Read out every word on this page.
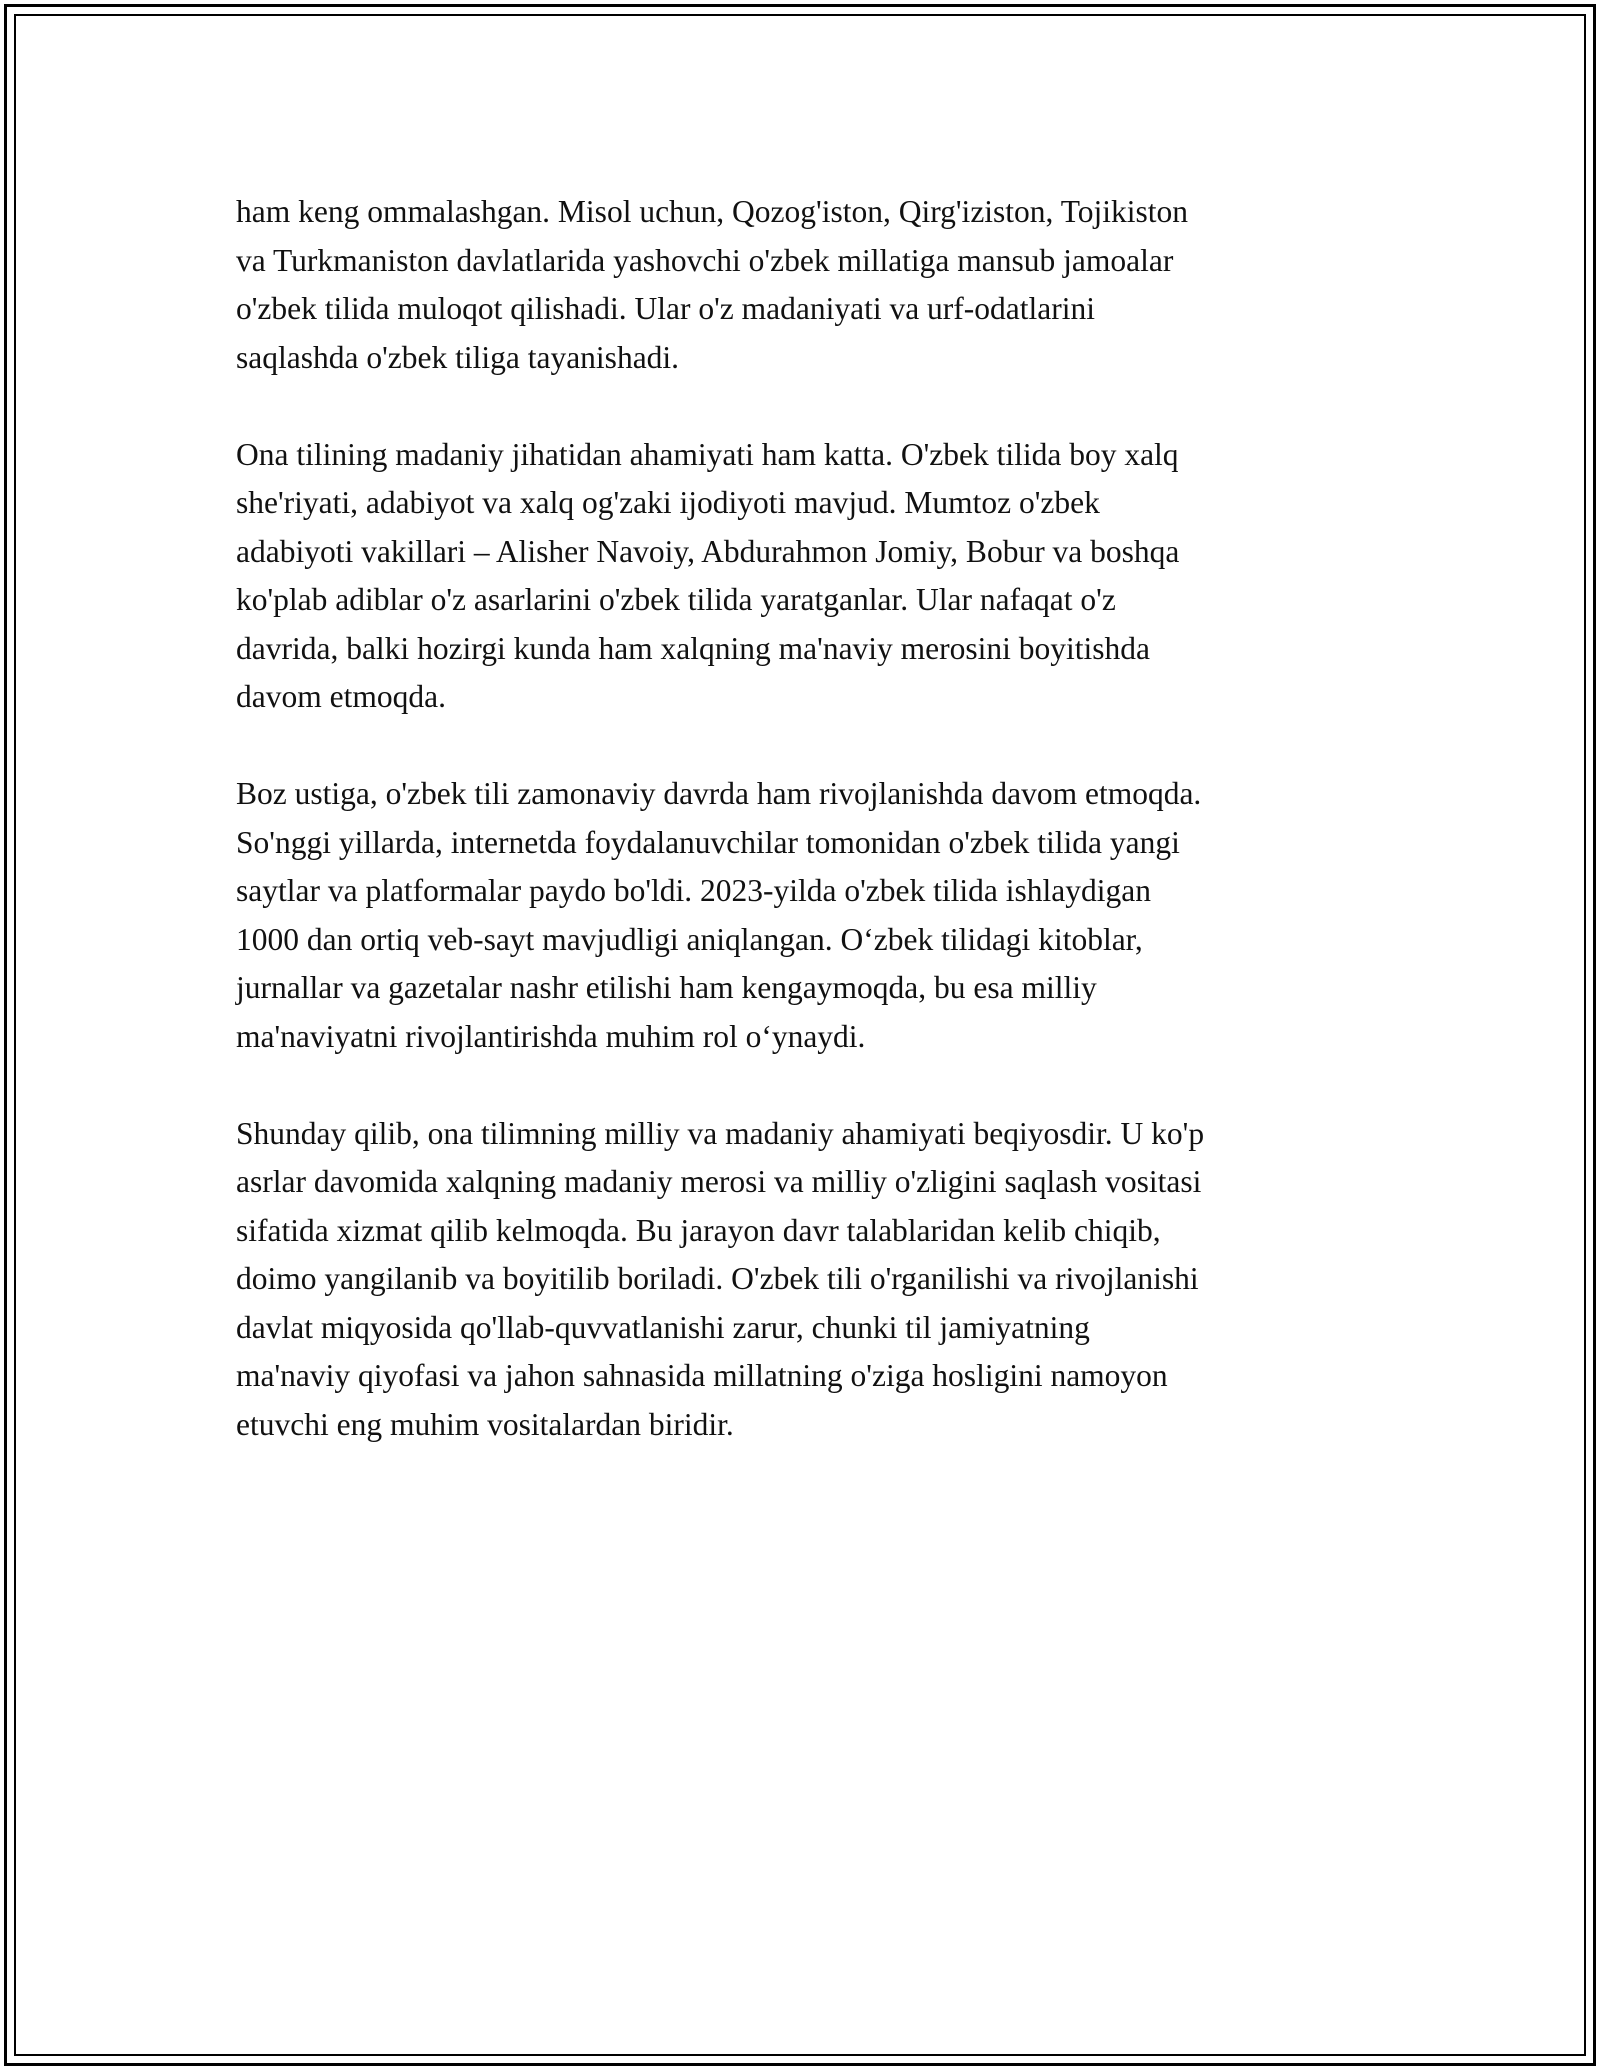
ham keng ommalashgan. Misol uchun, Qozog'iston, Qirg'iziston, Tojikiston
va Turkmaniston davlatlarida yashovchi o'zbek millatiga mansub jamoalar
o'zbek tilida muloqot qilishadi. Ular o'z madaniyati va urf-odatlarini
saqlashda o'zbek tiliga tayanishadi.

Ona tilining madaniy jihatidan ahamiyati ham katta. O'zbek tilida boy xalq
she'riyati, adabiyot va xalq og'zaki ijodiyoti mavjud. Mumtoz o'zbek
adabiyoti vakillari – Alisher Navoiy, Abdurahmon Jomiy, Bobur va boshqa
ko'plab adiblar o'z asarlarini o'zbek tilida yaratganlar. Ular nafaqat o'z
davrida, balki hozirgi kunda ham xalqning ma'naviy merosini boyitishda
davom etmoqda.

Boz ustiga, o'zbek tili zamonaviy davrda ham rivojlanishda davom etmoqda.
So'nggi yillarda, internetda foydalanuvchilar tomonidan o'zbek tilida yangi
saytlar va platformalar paydo bo'ldi. 2023-yilda o'zbek tilida ishlaydigan
1000 dan ortiq veb-sayt mavjudligi aniqlangan. O‘zbek tilidagi kitoblar,
jurnallar va gazetalar nashr etilishi ham kengaymoqda, bu esa milliy
ma'naviyatni rivojlantirishda muhim rol o‘ynaydi.

Shunday qilib, ona tilimning milliy va madaniy ahamiyati beqiyosdir. U ko'p
asrlar davomida xalqning madaniy merosi va milliy o'zligini saqlash vositasi
sifatida xizmat qilib kelmoqda. Bu jarayon davr talablaridan kelib chiqib,
doimo yangilanib va boyitilib boriladi. O'zbek tili o'rganilishi va rivojlanishi
davlat miqyosida qo'llab-quvvatlanishi zarur, chunki til jamiyatning
ma'naviy qiyofasi va jahon sahnasida millatning o'ziga hosligini namoyon
etuvchi eng muhim vositalardan biridir.
